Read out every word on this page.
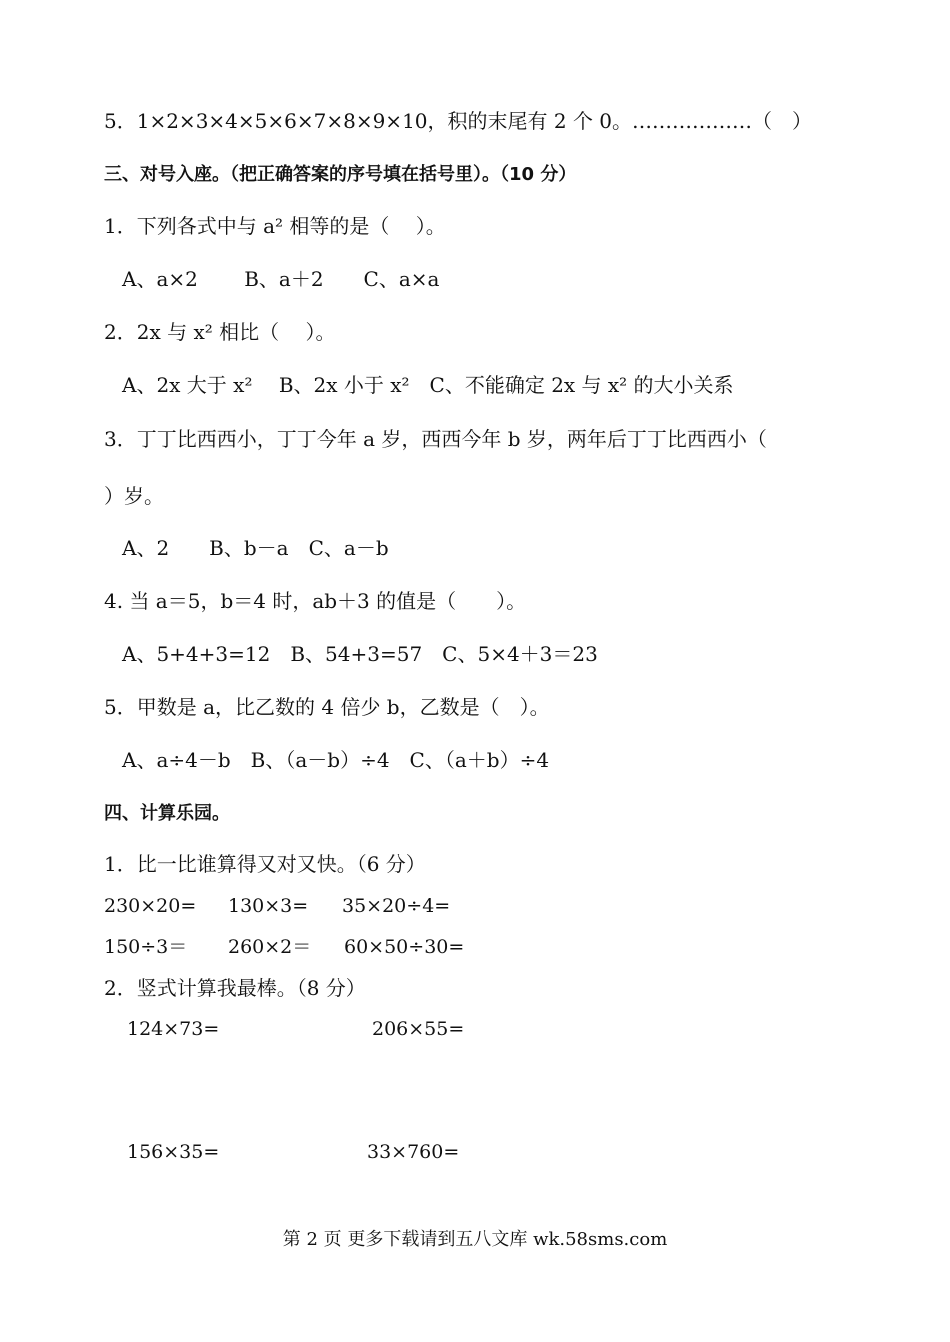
5．1×2×3×4×5×6×7×8×9×10，积的末尾有 2 个 0。………………（　）
三、对号入座。（把正确答案的序号填在括号里）。（10 分）
1．下列各式中与 a² 相等的是（　 ）。
A、a×2　　 B、a＋2　　C、a×a
2．2x 与 x² 相比（　 ）。
A、2x 大于 x²　 B、2x 小于 x²　C、不能确定 2x 与 x² 的大小关系
3．丁丁比西西小，丁丁今年 a 岁，西西今年 b 岁，两年后丁丁比西西小（
）岁。
A、2　　B、b－a　C、a－b
4. 当 a＝5，b＝4 时，ab＋3 的值是（　　）。
A、5+4+3=12　B、54+3=57　C、5×4＋3＝23
5．甲数是 a，比乙数的 4 倍少 b，乙数是（　）。
A、a÷4－b　B、（a－b）÷4　C、（a＋b）÷4
四、计算乐园。
1．比一比谁算得又对又快。（6 分）
230×20= 130×3= 35×20÷4=
150÷3＝ 260×2＝ 60×50÷30=
2．竖式计算我最棒。（8 分）
124×73=	206×55=
156×35=	33×760=
第 2 页 更多下载请到五八文库 wk.58sms.com
